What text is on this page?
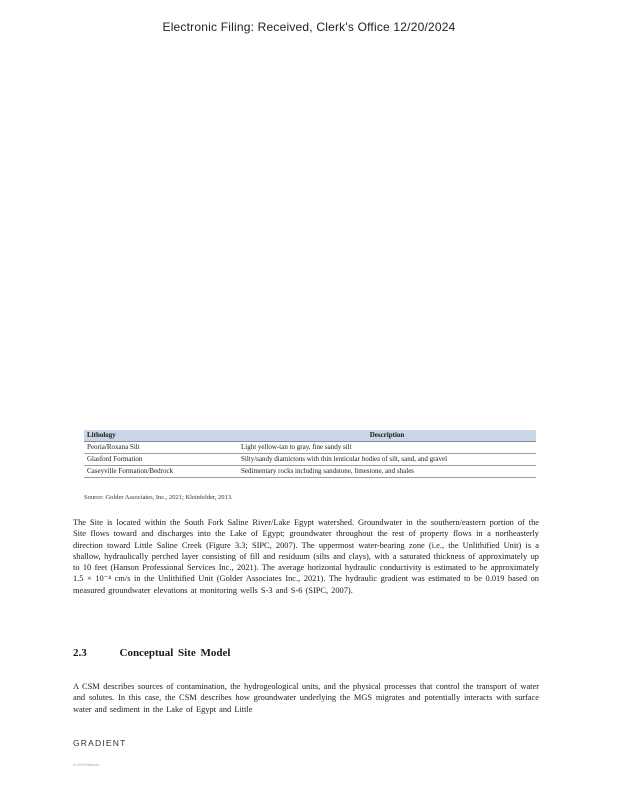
Electronic Filing: Received, Clerk's Office 12/20/2024
Lithology	Description
Peoria/Roxana Silt	Light yellow-tan to gray, fine sandy silt
Glasford Formation	Silty/sandy diamictons with thin lenticular bodies of silt, sand, and gravel
Caseyville Formation/Bedrock	Sedimentary rocks including sandstone, limestone, and shales
Source: Golder Associates, Inc., 2021; Kleinfelder, 2013.

The Site is located within the South Fork Saline River/Lake Egypt watershed. Groundwater in the southern/eastern portion of the Site flows toward and discharges into the Lake of Egypt; groundwater throughout the rest of property flows in a northeasterly direction toward Little Saline Creek (Figure 3.3; SIPC, 2007). The uppermost water-bearing zone (i.e., the Unlithified Unit) is a shallow, hydraulically perched layer consisting of fill and residuum (silts and clays), with a saturated thickness of approximately up to 10 feet (Hanson Professional Services Inc., 2021). The average horizontal hydraulic conductivity is estimated to be approximately 1.5 × 10⁻⁴ cm/s in the Unlithified Unit (Golder Associates Inc., 2021). The hydraulic gradient was estimated to be 0.019 based on measured groundwater elevations at monitoring wells S-3 and S-6 (SIPC, 2007).

2.3	Conceptual Site Model

A CSM describes sources of contamination, the hydrogeological units, and the physical processes that control the transport of water and solutes. In this case, the CSM describes how groundwater underlying the MGS migrates and potentially interacts with surface water and sediment in the Lake of Egypt and Little

GRADIENT
K:\2024\Illinois
